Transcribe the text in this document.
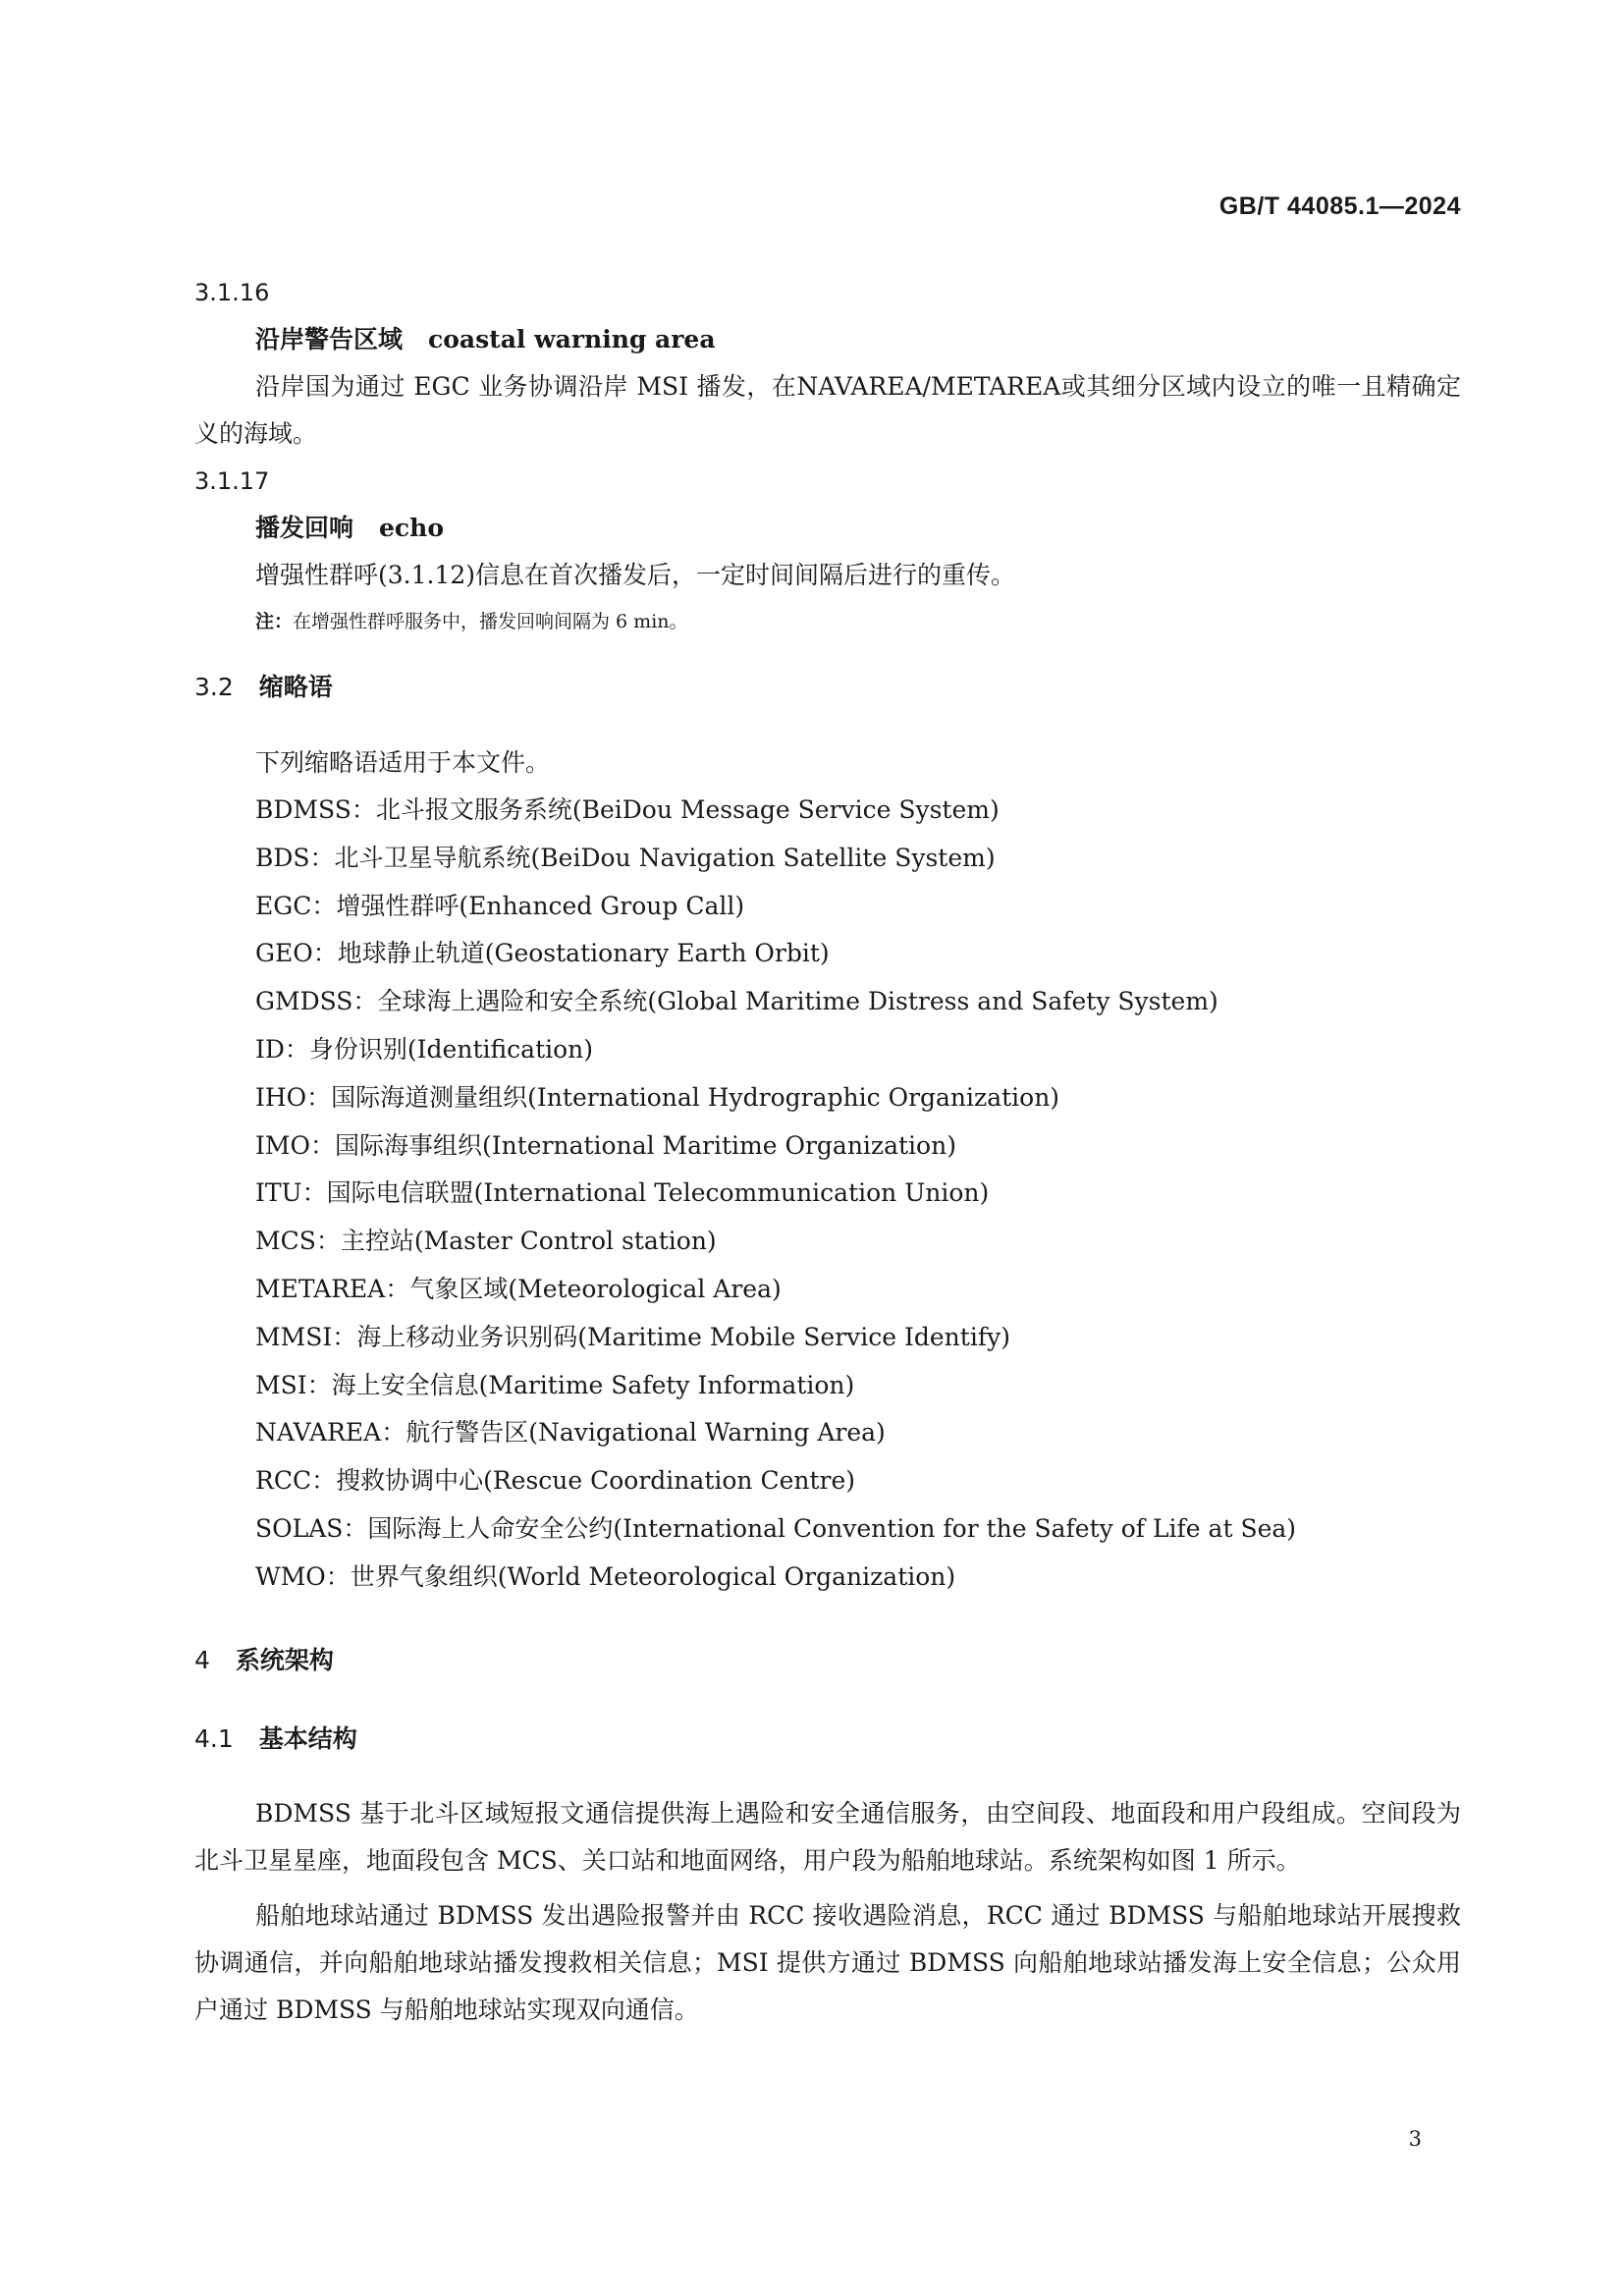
GB/T 44085.1—2024
3.1.16
沿岸警告区域 coastal warning area

沿岸国为通过 EGC 业务协调沿岸 MSI 播发，在NAVAREA/METAREA或其细分区域内设立的唯一且精确定义的海域。

3.1.17
播发回响 echo

增强性群呼(3.1.12)信息在首次播发后，一定时间间隔后进行的重传。

注：在增强性群呼服务中，播发回响间隔为 6 min。
3.2 缩略语
下列缩略语适用于本文件。
BDMSS：北斗报文服务系统(BeiDou Message Service System)
BDS：北斗卫星导航系统(BeiDou Navigation Satellite System)
EGC：增强性群呼(Enhanced Group Call)
GEO：地球静止轨道(Geostationary Earth Orbit)
GMDSS：全球海上遇险和安全系统(Global Maritime Distress and Safety System)
ID：身份识别(Identification)
IHO：国际海道测量组织(International Hydrographic Organization)
IMO：国际海事组织(International Maritime Organization)
ITU：国际电信联盟(International Telecommunication Union)
MCS：主控站(Master Control station)
METAREA：气象区域(Meteorological Area)
MMSI：海上移动业务识别码(Maritime Mobile Service Identify)
MSI：海上安全信息(Maritime Safety Information)
NAVAREA：航行警告区(Navigational Warning Area)
RCC：搜救协调中心(Rescue Coordination Centre)
SOLAS：国际海上人命安全公约(International Convention for the Safety of Life at Sea)
WMO：世界气象组织(World Meteorological Organization)
4 系统架构
4.1 基本结构

BDMSS 基于北斗区域短报文通信提供海上遇险和安全通信服务，由空间段、地面段和用户段组成。空间段为北斗卫星星座，地面段包含 MCS、关口站和地面网络，用户段为船舶地球站。系统架构如图 1 所示。

船舶地球站通过 BDMSS 发出遇险报警并由 RCC 接收遇险消息，RCC 通过 BDMSS 与船舶地球站开展搜救协调通信，并向船舶地球站播发搜救相关信息；MSI 提供方通过 BDMSS 向船舶地球站播发海上安全信息；公众用户通过 BDMSS 与船舶地球站实现双向通信。

3
